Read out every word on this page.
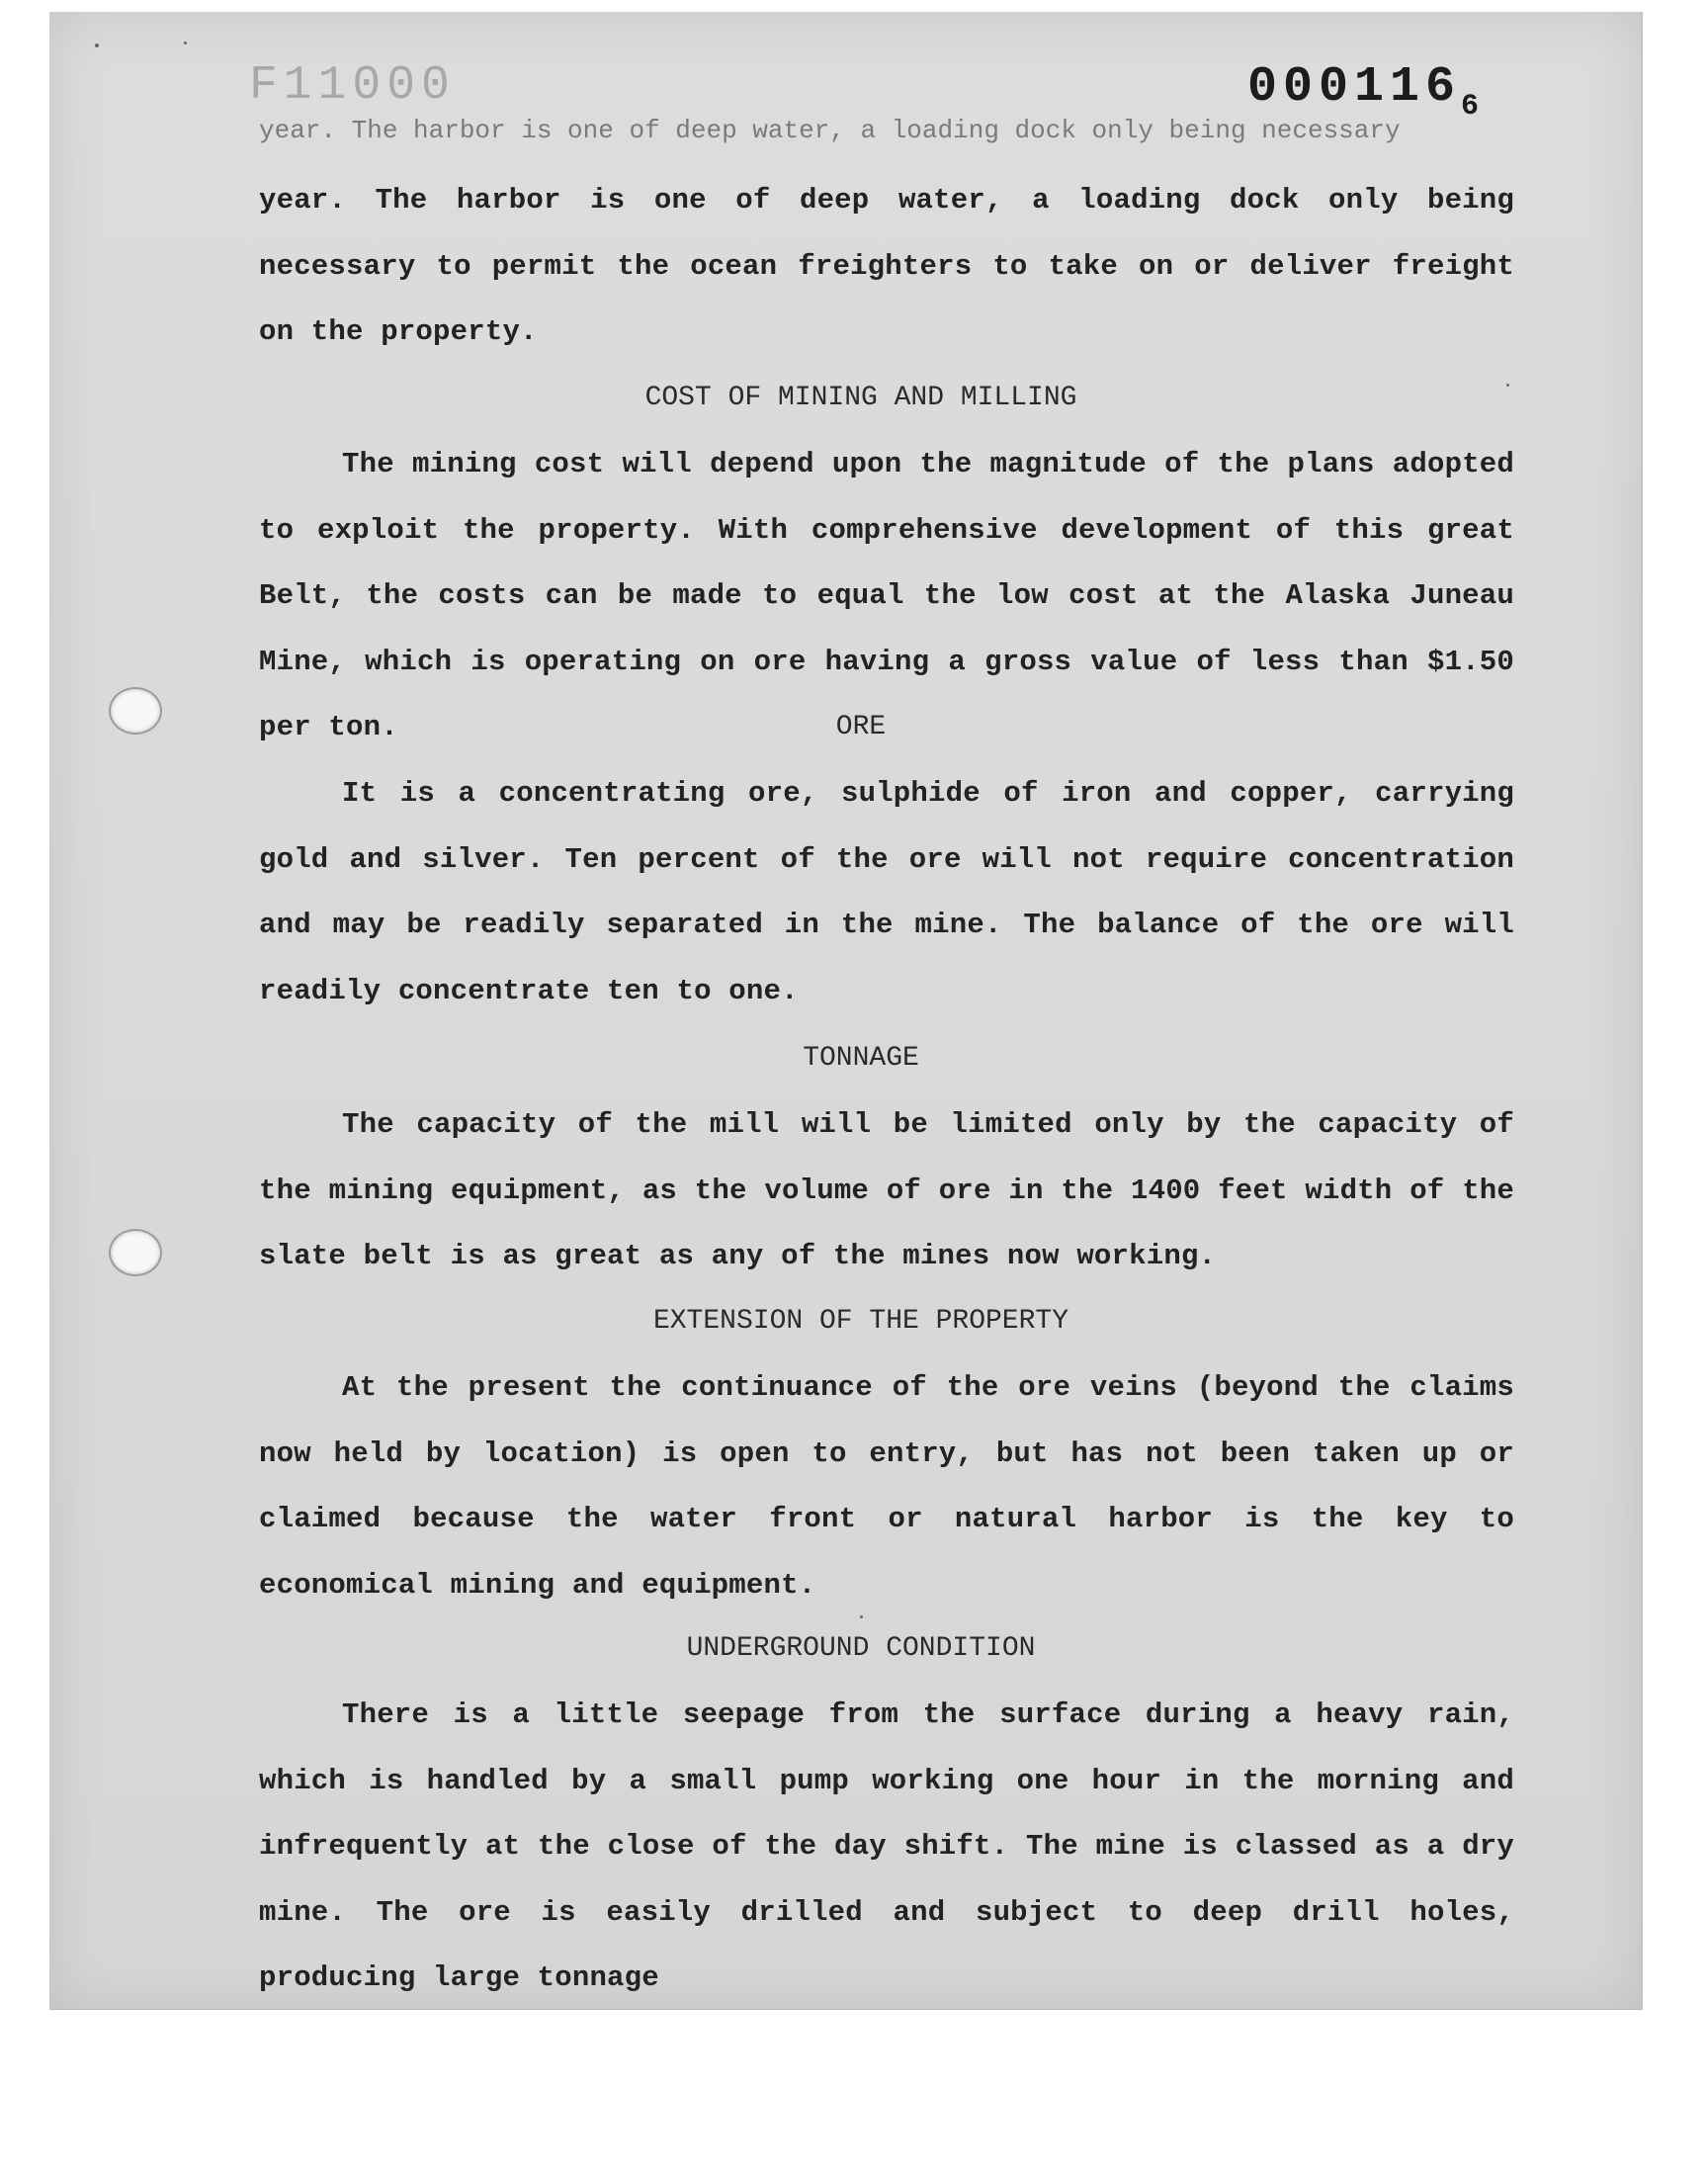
F11000	$000116_6$
year. The harbor is one of deep water, a loading dock only being necessary

year. The harbor is one of deep water, a loading dock only being necessary to permit the ocean freighters to take on or deliver freight on the property.

COST OF MINING AND MILLING

The mining cost will depend upon the magnitude of the plans adopted to exploit the property. With comprehensive development of this great Belt, the costs can be made to equal the low cost at the Alaska Juneau Mine, which is operating on ore having a gross value of less than $1.50 per ton.	ORE

It is a concentrating ore, sulphide of iron and copper, carrying gold and silver. Ten percent of the ore will not require concentration and may be readily separated in the mine. The balance of the ore will readily concentrate ten to one.

TONNAGE

The capacity of the mill will be limited only by the capacity of the mining equipment, as the volume of ore in the 1400 feet width of the slate belt is as great as any of the mines now working.

EXTENSION OF THE PROPERTY

At the present the continuance of the ore veins (beyond the claims now held by location) is open to entry, but has not been taken up or claimed because the water front or natural harbor is the key to economical mining and equipment.

UNDERGROUND CONDITION

There is a little seepage from the surface during a heavy rain, which is handled by a small pump working one hour in the morning and infrequently at the close of the day shift. The mine is classed as a dry mine. The ore is easily drilled and subject to deep drill holes, producing large tonnage
